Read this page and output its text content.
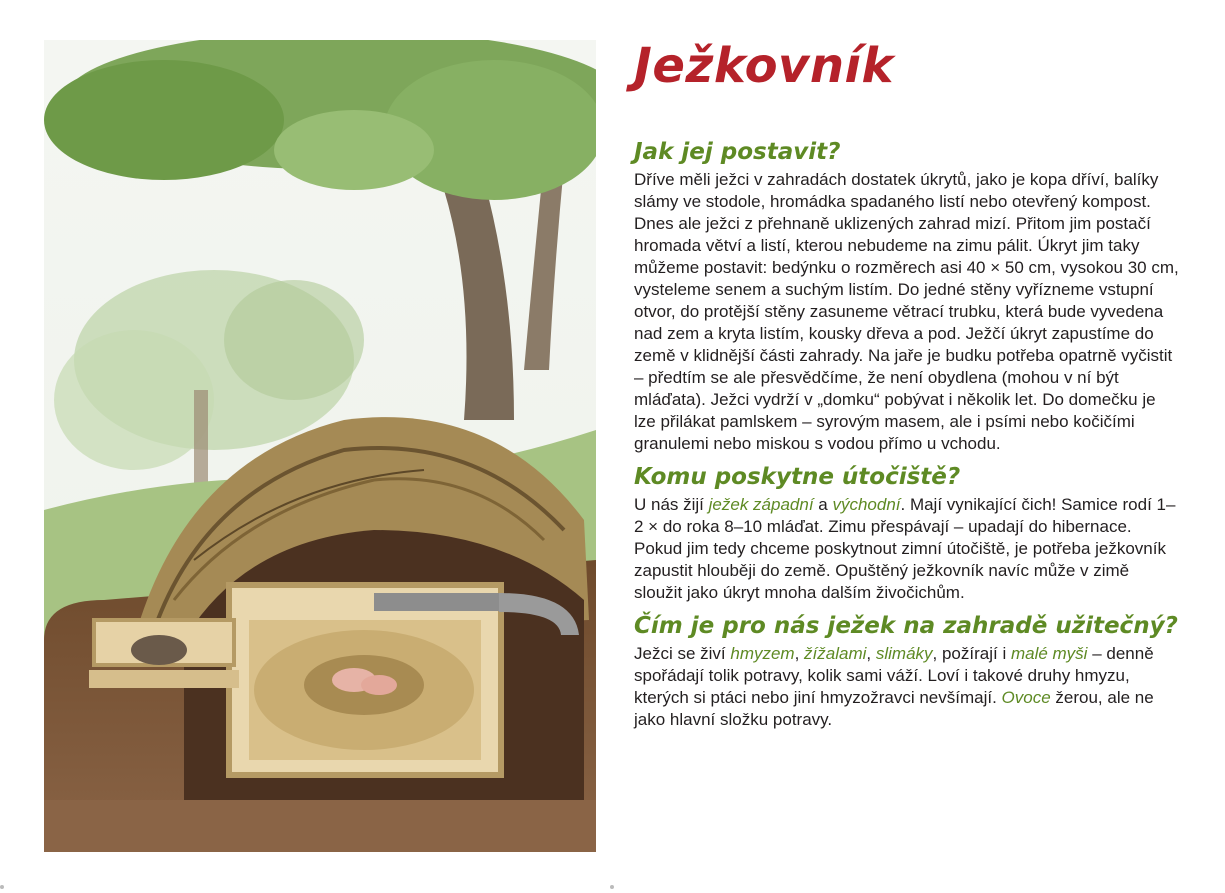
Ježkovník
Jak jej postavit?

Dříve měli ježci v zahradách dostatek úkrytů, jako je kopa dříví, balíky slámy ve stodole, hromádka spadaného listí nebo otevřený kompost. Dnes ale ježci z přehnaně uklizených zahrad mizí. Přitom jim postačí hromada větví a listí, kterou nebudeme na zimu pálit. Úkryt jim taky můžeme postavit: bedýnku o rozměrech asi 40 × 50 cm, vysokou 30 cm, vysteleme senem a suchým listím. Do jedné stěny vyřízneme vstupní otvor, do protější stěny zasuneme větrací trubku, která bude vyvedena nad zem a kryta listím, kousky dřeva a pod. Ježčí úkryt zapustíme do země v klidnější části zahrady. Na jaře je budku potřeba opatrně vyčistit – předtím se ale přesvědčíme, že není obydlena (mohou v ní být mláďata). Ježci vydrží v „domku“ pobývat i několik let. Do domečku je lze přilákat pamlskem – syrovým masem, ale i psími nebo kočičími granulemi nebo miskou s vodou přímo u vchodu.

Komu poskytne útočiště?

U nás žijí ježek západní a východní. Mají vynikající čich! Samice rodí 1–2 × do roka 8–10 mláďat. Zimu přespávají – upadají do hibernace. Pokud jim tedy chceme poskytnout zimní útočiště, je potřeba ježkovník zapustit hlouběji do země. Opuštěný ježkovník navíc může v zimě sloužit jako úkryt mnoha dalším živočichům.

Čím je pro nás ježek na zahradě užitečný?

Ježci se živí hmyzem, žížalami, slimáky, požírají i malé myši – denně spořádají tolik potravy, kolik sami váží. Loví i takové druhy hmyzu, kterých si ptáci nebo jiní hmyzožravci nevšímají. Ovoce žerou, ale ne jako hlavní složku potravy.
